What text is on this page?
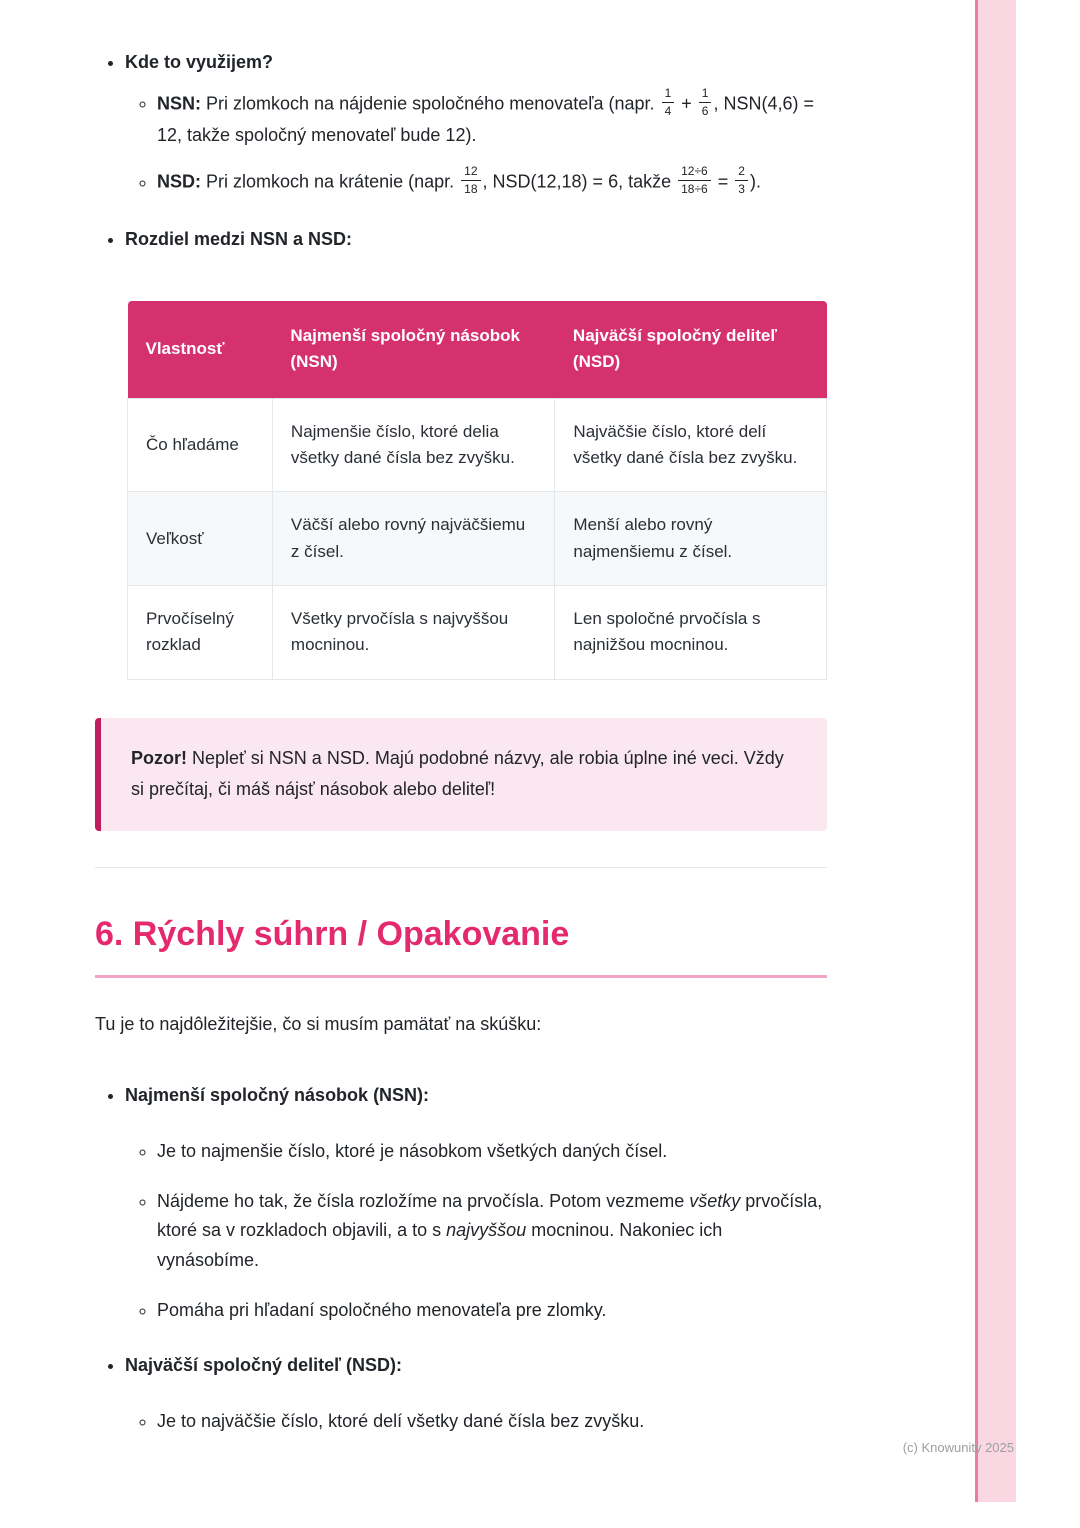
• Kde to využijem?
◦ NSN: Pri zlomkoch na nájdenie spoločného menovateľa (napr. $\frac{1}{4} + \frac{1}{6}$ , NSN(4,6) = 12, takže spoločný menovateľ bude 12).
◦ NSD: Pri zlomkoch na krátenie (napr. $\frac{12}{18}$ , NSD(12,18) = 6, takže $\frac{12\div 6}{18\div 6} = \frac{2}{3}$ ).
• Rozdiel medzi NSN a NSD:
Vlastnosť	Najmenší spoločný násobok (NSN)	Najväčší spoločný deliteľ (NSD)
Čo hľadáme	Najmenšie číslo, ktoré delia všetky dané čísla bez zvyšku.	Najväčšie číslo, ktoré delí všetky dané čísla bez zvyšku.
Veľkosť	Väčší alebo rovný najväčšiemu z čísel.	Menší alebo rovný najmenšiemu z čísel.
Prvočíselný rozklad	Všetky prvočísla s najvyššou mocninou.	Len spoločné prvočísla s najnižšou mocninou.
Pozor! Nepleť si NSN a NSD. Majú podobné názvy, ale robia úplne iné veci. Vždy si prečítaj, či máš nájsť násobok alebo deliteľ!
6. Rýchly súhrn / Opakovanie

Tu je to najdôležitejšie, čo si musím pamätať na skúšku:

• Najmenší spoločný násobok (NSN):
◦ Je to najmenšie číslo, ktoré je násobkom všetkých daných čísel.
◦ Nájdeme ho tak, že čísla rozložíme na prvočísla. Potom vezmeme všetky prvočísla, ktoré sa v rozkladoch objavili, a to s najvyššou mocninou. Nakoniec ich vynásobíme.
◦ Pomáha pri hľadaní spoločného menovateľa pre zlomky.
• Najväčší spoločný deliteľ (NSD):
◦ Je to najväčšie číslo, ktoré delí všetky dané čísla bez zvyšku.
(c) Knowunity 2025
